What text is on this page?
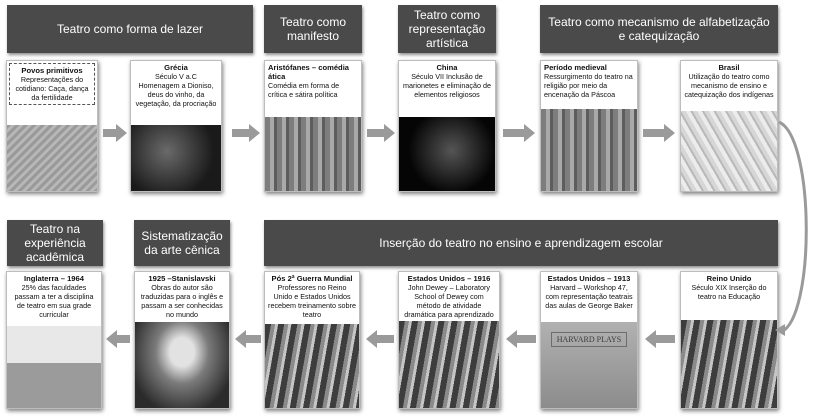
Teatro como forma de lazer	Teatro como manifesto
Teatro como representação artística
Teatro como mecanismo de alfabetização e catequização
Povos primitivos
Representações do cotidiano: Caça, dança da fertilidade
Grécia
Século V a.C Homenagem a Dioniso, deus do vinho, da vegetação, da procriação
Aristófanes – comédia ática
Comédia em forma de crítica e sátira política
China
Século VII Inclusão de marionetes e eliminação de elementos religiosos
Período medieval
Ressurgimento do teatro na religião por meio da encenação da Páscoa
Brasil
Utilização do teatro como mecanismo de ensino e catequização dos indígenas
Teatro na experiência acadêmica
Sistematização da arte cênica	Inserção do teatro no ensino e aprendizagem escolar
Inglaterra – 1964
25% das faculdades passam a ter a disciplina de teatro em sua grade curricular
1925 –Stanislavski
Obras do autor são traduzidas para o inglês e passam a ser conhecidas no mundo
Pós 2ª Guerra Mundial
Professores no Reino Unido e Estados Unidos recebem treinamento sobre teatro
Estados Unidos – 1916
John Dewey – Laboratory School of Dewey com método de atividade dramática para aprendizado
Estados Unidos – 1913
Harvard – Workshop 47, com representação teatrais das aulas de George Baker
HARVARD PLAYS
Reino Unido
Século XIX Inserção do teatro na Educação
